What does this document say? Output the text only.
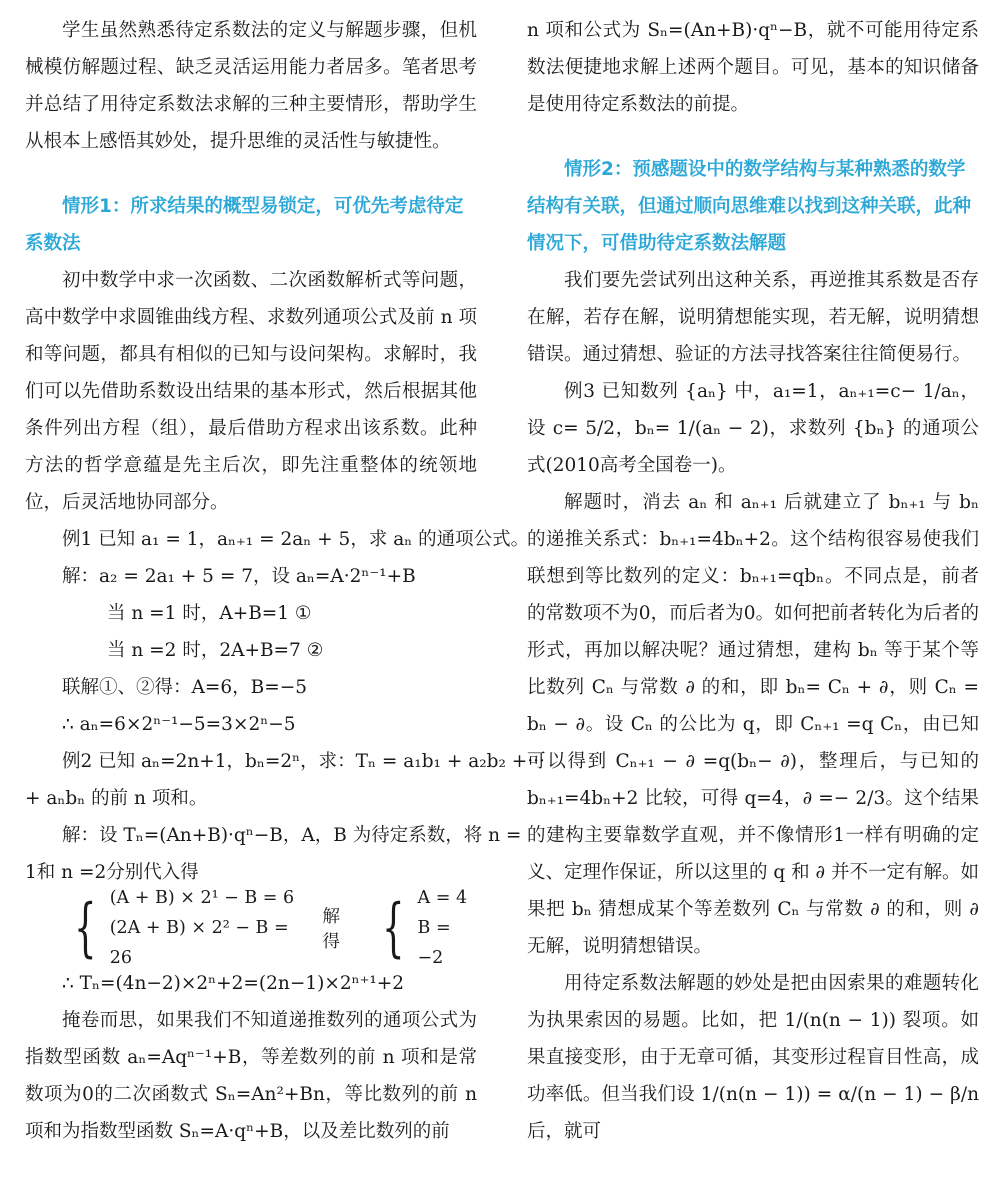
学生虽然熟悉待定系数法的定义与解题步骤，但机械模仿解题过程、缺乏灵活运用能力者居多。笔者思考并总结了用待定系数法求解的三种主要情形，帮助学生从根本上感悟其妙处，提升思维的灵活性与敏捷性。

情形1：所求结果的概型易锁定，可优先考虑待定系数法

初中数学中求一次函数、二次函数解析式等问题，高中数学中求圆锥曲线方程、求数列通项公式及前 n 项和等问题，都具有相似的已知与设问架构。求解时，我们可以先借助系数设出结果的基本形式，然后根据其他条件列出方程（组），最后借助方程求出该系数。此种方法的哲学意蕴是先主后次，即先注重整体的统领地位，后灵活地协同部分。

例1 已知 a₁ = 1，aₙ₊₁ = 2aₙ + 5，求 aₙ 的通项公式。

解：a₂ = 2a₁ + 5 = 7，设 aₙ=A·2ⁿ⁻¹+B

当 n =1 时，A+B=1 ①

当 n =2 时，2A+B=7 ②

联解①、②得：A=6，B=−5

∴ aₙ=6×2ⁿ⁻¹−5=3×2ⁿ−5

例2 已知 aₙ=2n+1，bₙ=2ⁿ，求：Tₙ = a₁b₁ + a₂b₂ +···

+ aₙbₙ 的前 n 项和。

解：设 Tₙ=(An+B)·qⁿ−B，A，B 为待定系数，将 n =

1和 n =2分别代入得

{ (A + B) × 2¹ − B = 6
(2A + B) × 2² − B = 26
解得 { A = 4
B = −2

∴ Tₙ=(4n−2)×2ⁿ+2=(2n−1)×2ⁿ⁺¹+2

掩卷而思，如果我们不知道递推数列的通项公式为指数型函数 aₙ=Aqⁿ⁻¹+B，等差数列的前 n 项和是常数项为0的二次函数式 Sₙ=An²+Bn，等比数列的前 n 项和为指数型函数 Sₙ=A·qⁿ+B，以及差比数列的前

n 项和公式为 Sₙ=(An+B)·qⁿ−B，就不可能用待定系数法便捷地求解上述两个题目。可见，基本的知识储备是使用待定系数法的前提。

情形2：预感题设中的数学结构与某种熟悉的数学结构有关联，但通过顺向思维难以找到这种关联，此种情况下，可借助待定系数法解题

我们要先尝试列出这种关系，再逆推其系数是否存在解，若存在解，说明猜想能实现，若无解，说明猜想错误。通过猜想、验证的方法寻找答案往往简便易行。

例3 已知数列 {aₙ} 中，a₁=1，aₙ₊₁=c− 1/aₙ，设 c= 5/2，bₙ= 1/(aₙ − 2)，求数列 {bₙ} 的通项公式(2010高考全国卷一)。

解题时，消去 aₙ 和 aₙ₊₁ 后就建立了 bₙ₊₁ 与 bₙ 的递推关系式：bₙ₊₁=4bₙ+2。这个结构很容易使我们联想到等比数列的定义：bₙ₊₁=qbₙ。不同点是，前者的常数项不为0，而后者为0。如何把前者转化为后者的形式，再加以解决呢？通过猜想，建构 bₙ 等于某个等比数列 Cₙ 与常数 ∂ 的和，即 bₙ= Cₙ + ∂，则 Cₙ = bₙ − ∂。设 Cₙ 的公比为 q，即 Cₙ₊₁ =q Cₙ，由已知可以得到 Cₙ₊₁ − ∂ =q(bₙ− ∂)，整理后，与已知的 bₙ₊₁=4bₙ+2 比较，可得 q=4，∂ =− 2/3。这个结果的建构主要靠数学直观，并不像情形1一样有明确的定义、定理作保证，所以这里的 q 和 ∂ 并不一定有解。如果把 bₙ 猜想成某个等差数列 Cₙ 与常数 ∂ 的和，则 ∂ 无解，说明猜想错误。

用待定系数法解题的妙处是把由因索果的难题转化为执果索因的易题。比如，把 1/(n(n − 1)) 裂项。如果直接变形，由于无章可循，其变形过程盲目性高，成功率低。但当我们设 1/(n(n − 1)) = α/(n − 1) − β/n 后，就可
